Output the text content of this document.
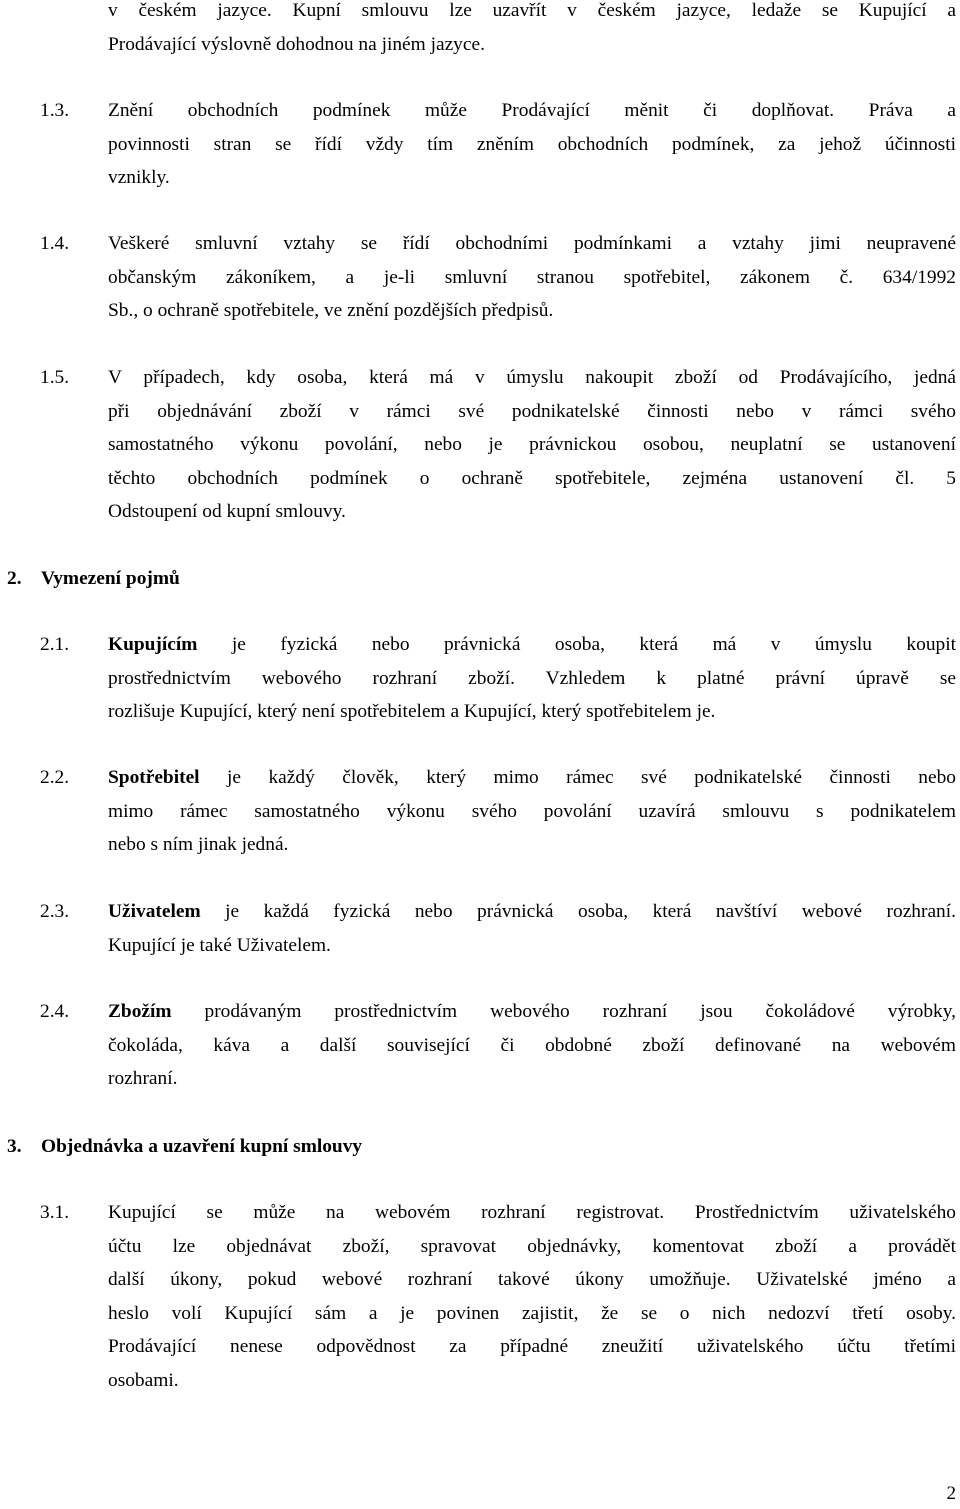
v českém jazyce. Kupní smlouvu lze uzavřít v českém jazyce, ledaže se Kupující a
Prodávající výslovně dohodnou na jiném jazyce.
1.3. Znění obchodních podmínek může Prodávající měnit či doplňovat. Práva a
povinnosti stran se řídí vždy tím zněním obchodních podmínek, za jehož účinnosti
vznikly.
1.4. Veškeré smluvní vztahy se řídí obchodními podmínkami a vztahy jimi neupravené
občanským zákoníkem, a je-li smluvní stranou spotřebitel, zákonem č. 634/1992
Sb., o ochraně spotřebitele, ve znění pozdějších předpisů.
1.5. V případech, kdy osoba, která má v úmyslu nakoupit zboží od Prodávajícího, jedná
při objednávání zboží v rámci své podnikatelské činnosti nebo v rámci svého
samostatného výkonu povolání, nebo je právnickou osobou, neuplatní se ustanovení
těchto obchodních podmínek o ochraně spotřebitele, zejména ustanovení čl. 5
Odstoupení od kupní smlouvy.
2. Vymezení pojmů
2.1. Kupujícím je fyzická nebo právnická osoba, která má v úmyslu koupit
prostřednictvím webového rozhraní zboží. Vzhledem k platné právní úpravě se
rozlišuje Kupující, který není spotřebitelem a Kupující, který spotřebitelem je.
2.2. Spotřebitel je každý člověk, který mimo rámec své podnikatelské činnosti nebo
mimo rámec samostatného výkonu svého povolání uzavírá smlouvu s podnikatelem
nebo s ním jinak jedná.
2.3. Uživatelem je každá fyzická nebo právnická osoba, která navštíví webové rozhraní.
Kupující je také Uživatelem.
2.4. Zbožím prodávaným prostřednictvím webového rozhraní jsou čokoládové výrobky,
čokoláda, káva a další související či obdobné zboží definované na webovém
rozhraní.
3. Objednávka a uzavření kupní smlouvy
3.1. Kupující se může na webovém rozhraní registrovat. Prostřednictvím uživatelského
účtu lze objednávat zboží, spravovat objednávky, komentovat zboží a provádět
další úkony, pokud webové rozhraní takové úkony umožňuje. Uživatelské jméno a
heslo volí Kupující sám a je povinen zajistit, že se o nich nedozví třetí osoby.
Prodávající nenese odpovědnost za případné zneužití uživatelského účtu třetími
osobami.
2
